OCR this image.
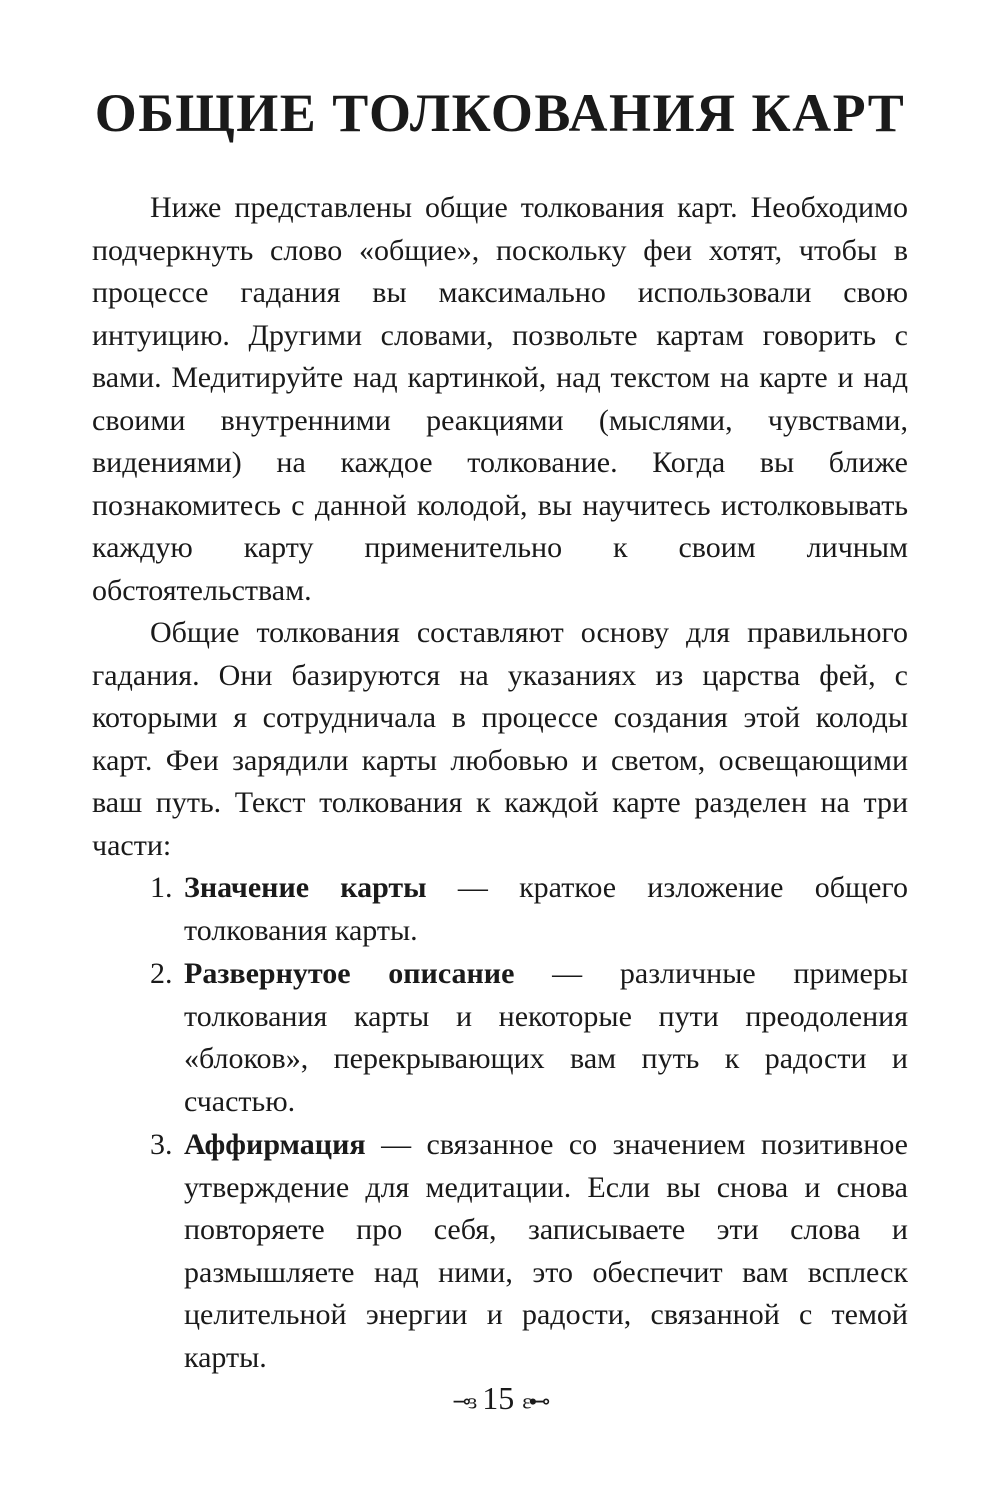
ОБЩИЕ ТОЛКОВАНИЯ КАРТ

Ниже представлены общие толкования карт. Необходимо подчеркнуть слово «общие», поскольку феи хотят, чтобы в процессе гадания вы максимально использовали свою интуицию. Другими словами, позвольте картам говорить с вами. Медитируйте над картинкой, над текстом на карте и над своими внутренними реакциями (мыслями, чувствами, видениями) на каждое толкование. Когда вы ближе познакомитесь с данной колодой, вы научитесь истолковывать каждую карту применительно к своим личным обстоятельствам.

Общие толкования составляют основу для правильного гадания. Они базируются на указаниях из царства фей, с которыми я сотрудничала в процессе создания этой колоды карт. Феи зарядили карты любовью и светом, освещающими ваш путь. Текст толкования к каждой карте разделен на три части:

1. Значение карты — краткое изложение общего толкования карты.
2. Развернутое описание — различные примеры толкования карты и некоторые пути преодоления «блоков», перекрывающих вам путь к радости и счастью.
3. Аффирмация — связанное со значением позитивное утверждение для медитации. Если вы снова и снова повторяете про себя, записываете эти слова и размышляете над ними, это обеспечит вам всплеск целительной энергии и радости, связанной с темой карты.
⊸ɜ 15 ɛ⊷
